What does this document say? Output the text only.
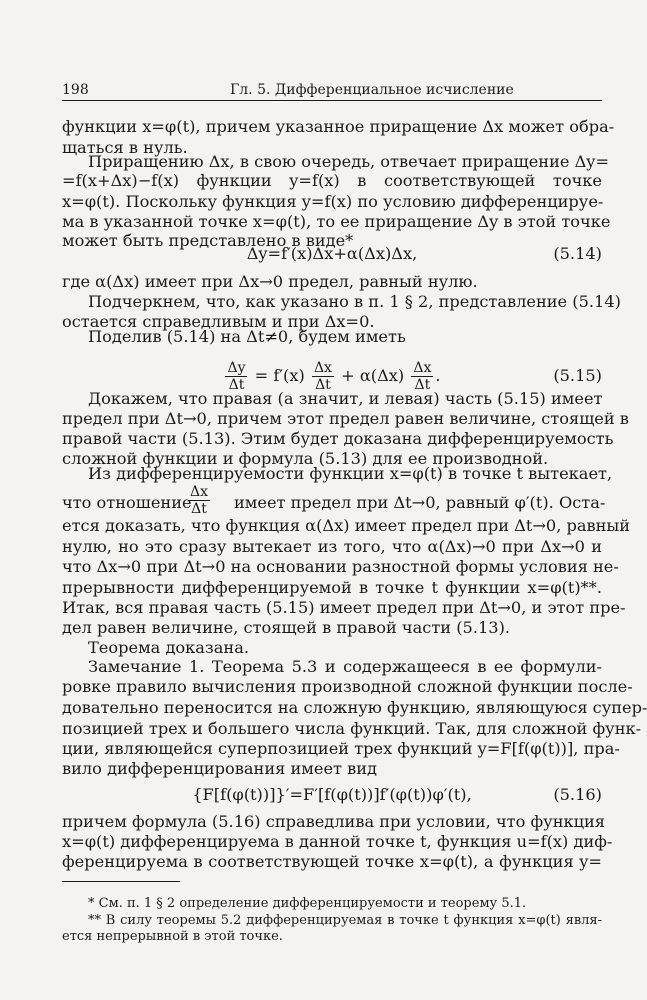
198	Гл. 5. Дифференциальное исчисление
функции x=φ(t), причем указанное приращение Δx может обра-
щаться в нуль.
Приращению Δx, в свою очередь, отвечает приращение Δy=
=f(x+Δx)−f(x) функции y=f(x) в соответствующей точке
x=φ(t). Поскольку функция y=f(x) по условию дифференцируе-
ма в указанной точке x=φ(t), то ее приращение Δy в этой точке
может быть представлено в виде*
Δy=f′(x)Δx+α(Δx)Δx,	(5.14)
где α(Δx) имеет при Δx→0 предел, равный нулю.
Подчеркнем, что, как указано в п. 1 § 2, представление (5.14)
остается справедливым и при Δx=0.
Поделив (5.14) на Δt≠0, будем иметь
$\frac{\Delta y}{\Delta t} = f'(x) \frac{\Delta x}{\Delta t} + \alpha(\Delta x) \frac{\Delta x}{\Delta t}$ .	(5.15)
Докажем, что правая (а значит, и левая) часть (5.15) имеет
предел при Δt→0, причем этот предел равен величине, стоящей в
правой части (5.13). Этим будет доказана дифференцируемость
сложной функции и формула (5.13) для ее производной.
Из дифференцируемости функции x=φ(t) в точке t вытекает,
что отношение
$\frac{\Delta x}{\Delta t}$ имеет предел при Δt→0, равный φ′(t). Оста-
ется доказать, что функция α(Δx) имеет предел при Δt→0, равный
нулю, но это сразу вытекает из того, что α(Δx)→0 при Δx→0 и
что Δx→0 при Δt→0 на основании разностной формы условия не-
прерывности дифференцируемой в точке t функции x=φ(t)**.
Итак, вся правая часть (5.15) имеет предел при Δt→0, и этот пре-
дел равен величине, стоящей в правой части (5.13).
Теорема доказана.
Замечание 1. Теорема 5.3 и содержащееся в ее формули-
ровке правило вычисления производной сложной функции после-
довательно переносится на сложную функцию, являющуюся супер-
позицией трех и большего числа функций. Так, для сложной функ-
ции, являющейся суперпозицией трех функций y=F[f(φ(t))], пра-
вило дифференцирования имеет вид
{F[f(φ(t))]}′=F′[f(φ(t))]f′(φ(t))φ′(t),	(5.16)
причем формула (5.16) справедлива при условии, что функция
x=φ(t) дифференцируема в данной точке t, функция u=f(x) диф-
ференцируема в соответствующей точке x=φ(t), а функция y=
* См. п. 1 § 2 определение дифференцируемости и теорему 5.1.
** В силу теоремы 5.2 дифференцируемая в точке t функция x=φ(t) явля-
ется непрерывной в этой точке.
